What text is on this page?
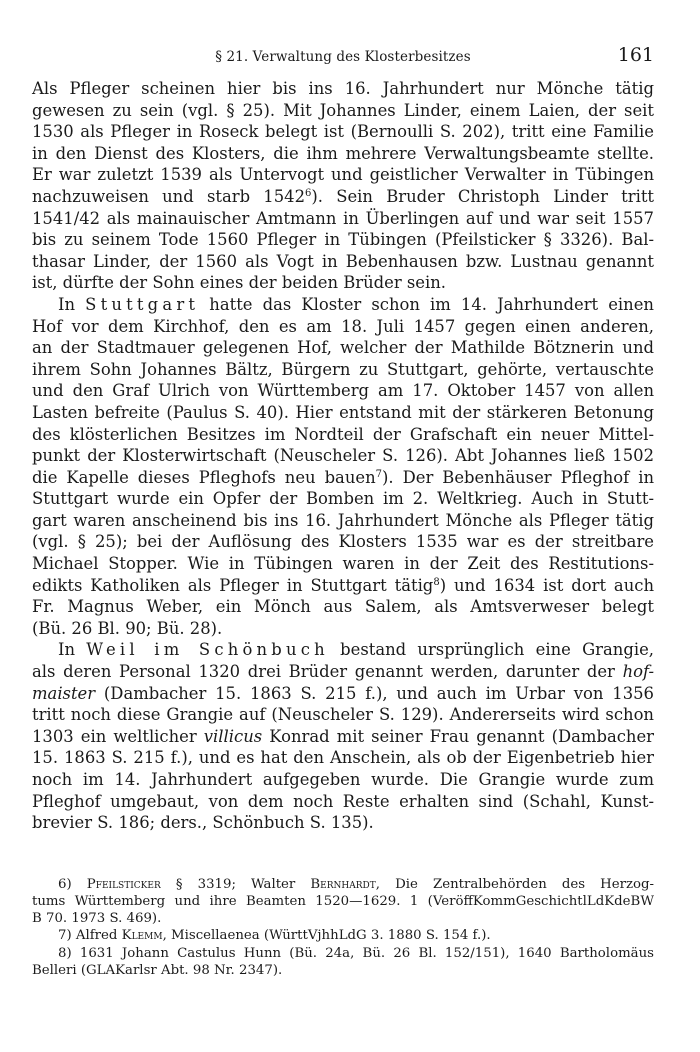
§ 21. Verwaltung des Klosterbesitzes	161
Als Pfleger scheinen hier bis ins 16. Jahrhundert nur Mönche tätig
gewesen zu sein (vgl. § 25). Mit Johannes Linder, einem Laien, der seit
1530 als Pfleger in Roseck belegt ist (Bernoulli S. 202), tritt eine Familie
in den Dienst des Klosters, die ihm mehrere Verwaltungsbeamte stellte.
Er war zuletzt 1539 als Untervogt und geistlicher Verwalter in Tübingen
nachzuweisen und starb 1542$^6$). Sein Bruder Christoph Linder tritt
1541/42 als mainauischer Amtmann in Überlingen auf und war seit 1557
bis zu seinem Tode 1560 Pfleger in Tübingen (Pfeilsticker § 3326). Bal-
thasar Linder, der 1560 als Vogt in Bebenhausen bzw. Lustnau genannt
ist, dürfte der Sohn eines der beiden Brüder sein.
In Stuttgart hatte das Kloster schon im 14. Jahrhundert einen
Hof vor dem Kirchhof, den es am 18. Juli 1457 gegen einen anderen,
an der Stadtmauer gelegenen Hof, welcher der Mathilde Bötznerin und
ihrem Sohn Johannes Bältz, Bürgern zu Stuttgart, gehörte, vertauschte
und den Graf Ulrich von Württemberg am 17. Oktober 1457 von allen
Lasten befreite (Paulus S. 40). Hier entstand mit der stärkeren Betonung
des klösterlichen Besitzes im Nordteil der Grafschaft ein neuer Mittel-
punkt der Klosterwirtschaft (Neuscheler S. 126). Abt Johannes ließ 1502
die Kapelle dieses Pfleghofs neu bauen$^7$). Der Bebenhäuser Pfleghof in
Stuttgart wurde ein Opfer der Bomben im 2. Weltkrieg. Auch in Stutt-
gart waren anscheinend bis ins 16. Jahrhundert Mönche als Pfleger tätig
(vgl. § 25); bei der Auflösung des Klosters 1535 war es der streitbare
Michael Stopper. Wie in Tübingen waren in der Zeit des Restitutions-
edikts Katholiken als Pfleger in Stuttgart tätig$^8$) und 1634 ist dort auch
Fr. Magnus Weber, ein Mönch aus Salem, als Amtsverweser belegt
(Bü. 26 Bl. 90; Bü. 28).
In Weil im Schönbuch bestand ursprünglich eine Grangie,
als deren Personal 1320 drei Brüder genannt werden, darunter der hof-
maister (Dambacher 15. 1863 S. 215 f.), und auch im Urbar von 1356
tritt noch diese Grangie auf (Neuscheler S. 129). Andererseits wird schon
1303 ein weltlicher villicus Konrad mit seiner Frau genannt (Dambacher
15. 1863 S. 215 f.), und es hat den Anschein, als ob der Eigenbetrieb hier
noch im 14. Jahrhundert aufgegeben wurde. Die Grangie wurde zum
Pfleghof umgebaut, von dem noch Reste erhalten sind (Schahl, Kunst-
brevier S. 186; ders., Schönbuch S. 135).
6) Pfeilsticker § 3319; Walter Bernhardt, Die Zentralbehörden des Herzog-
tums Württemberg und ihre Beamten 1520—1629. 1 (VeröffKommGeschichtlLdKdeBW
B 70. 1973 S. 469).
7) Alfred Klemm, Miscellaenea (WürttVjhhLdG 3. 1880 S. 154 f.).
8) 1631 Johann Castulus Hunn (Bü. 24a, Bü. 26 Bl. 152/151), 1640 Bartholomäus
Belleri (GLAKarlsr Abt. 98 Nr. 2347).
